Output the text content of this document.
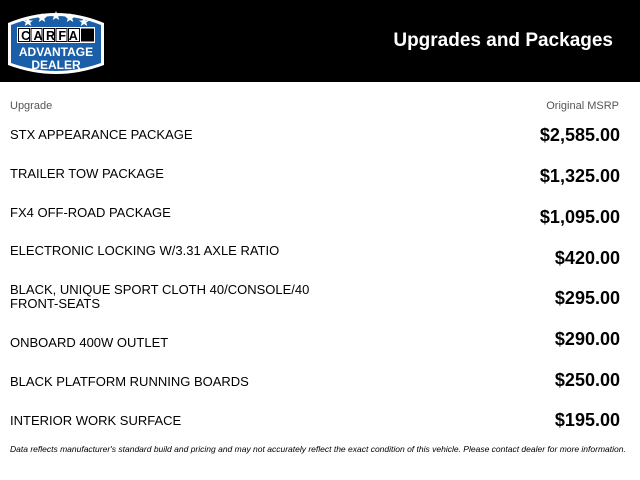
CARFAX
ADVANTAGE
DEALER
Upgrades and Packages
Upgrade	Original MSRP
STX APPEARANCE PACKAGE	$2,585.00
TRAILER TOW PACKAGE	$1,325.00
FX4 OFF-ROAD PACKAGE	$1,095.00
ELECTRONIC LOCKING W/3.31 AXLE RATIO	$420.00
BLACK, UNIQUE SPORT CLOTH 40/CONSOLE/40 FRONT-SEATS	$295.00
ONBOARD 400W OUTLET	$290.00
BLACK PLATFORM RUNNING BOARDS	$250.00
INTERIOR WORK SURFACE	$195.00
Data reflects manufacturer's standard build and pricing and may not accurately reflect the exact condition of this vehicle. Please contact dealer for more information.
